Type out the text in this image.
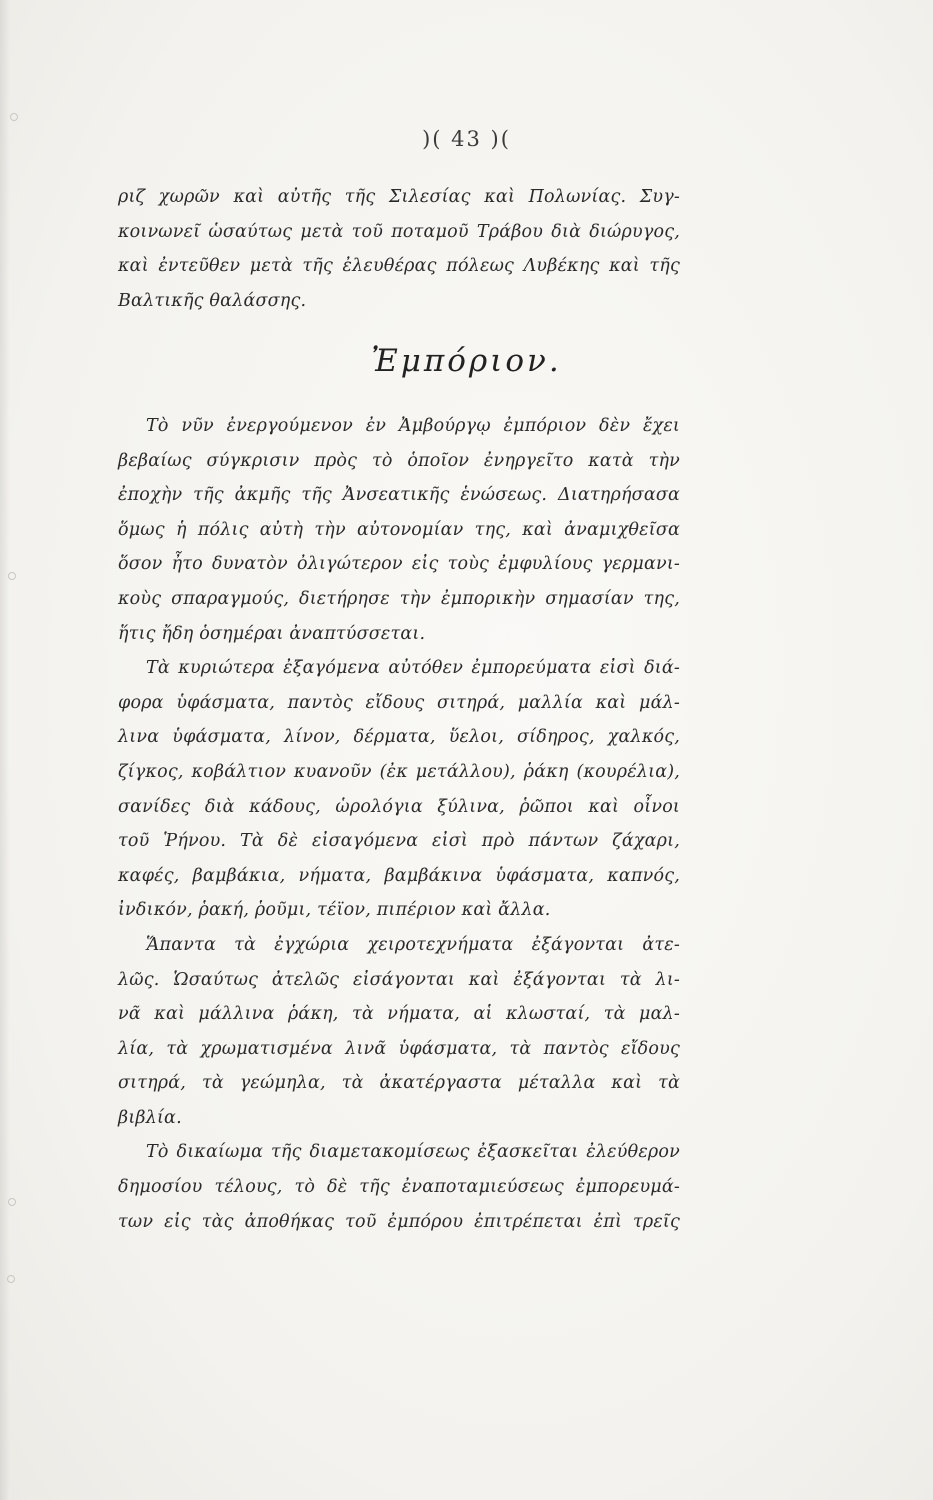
)( 43 )(
ριζ χωρῶν καὶ αὐτῆς τῆς Σιλεσίας καὶ Πολωνίας. Συγ-
κοινωνεῖ ὡσαύτως μετὰ τοῦ ποταμοῦ Τράβου διὰ διώρυγος,
καὶ ἐντεῦθεν μετὰ τῆς ἐλευθέρας πόλεως Λυβέκης καὶ τῆς
Βαλτικῆς θαλάσσης.
Ἐμπόριον.
Τὸ νῦν ἐνεργούμενον ἐν Ἀμβούργῳ ἐμπόριον δὲν ἔχει
βεβαίως σύγκρισιν πρὸς τὸ ὁποῖον ἐνηργεῖτο κατὰ τὴν
ἐποχὴν τῆς ἀκμῆς τῆς Ἀνσεατικῆς ἑνώσεως. Διατηρήσασα
ὅμως ἡ πόλις αὐτὴ τὴν αὐτονομίαν της, καὶ ἀναμιχθεῖσα
ὅσον ἦτο δυνατὸν ὀλιγώτερον εἰς τοὺς ἐμφυλίους γερμανι-
κοὺς σπαραγμούς, διετήρησε τὴν ἐμπορικὴν σημασίαν της,
ἥτις ἤδη ὁσημέραι ἀναπτύσσεται.
Τὰ κυριώτερα ἐξαγόμενα αὐτόθεν ἐμπορεύματα εἰσὶ διά-
φορα ὑφάσματα, παντὸς εἴδους σιτηρά, μαλλία καὶ μάλ-
λινα ὑφάσματα, λίνον, δέρματα, ὕελοι, σίδηρος, χαλκός,
ζίγκος, κοβάλτιον κυανοῦν (ἐκ μετάλλου), ῥάκη (κουρέλια),
σανίδες διὰ κάδους, ὡρολόγια ξύλινα, ῥῶποι καὶ οἶνοι
τοῦ Ῥήνου. Τὰ δὲ εἰσαγόμενα εἰσὶ πρὸ πάντων ζάχαρι,
καφές, βαμβάκια, νήματα, βαμβάκινα ὑφάσματα, καπνός,
ἰνδικόν, ῥακή, ῥοῦμι, τέϊον, πιπέριον καὶ ἄλλα.
Ἅπαντα τὰ ἐγχώρια χειροτεχνήματα ἐξάγονται ἀτε-
λῶς. Ὡσαύτως ἀτελῶς εἰσάγονται καὶ ἐξάγονται τὰ λι-
νᾶ καὶ μάλλινα ῥάκη, τὰ νήματα, αἱ κλωσταί, τὰ μαλ-
λία, τὰ χρωματισμένα λινᾶ ὑφάσματα, τὰ παντὸς εἴδους
σιτηρά, τὰ γεώμηλα, τὰ ἀκατέργαστα μέταλλα καὶ τὰ
βιβλία.
Τὸ δικαίωμα τῆς διαμετακομίσεως ἐξασκεῖται ἐλεύθερον
δημοσίου τέλους, τὸ δὲ τῆς ἐναποταμιεύσεως ἐμπορευμά-
των εἰς τὰς ἀποθήκας τοῦ ἐμπόρου ἐπιτρέπεται ἐπὶ τρεῖς
